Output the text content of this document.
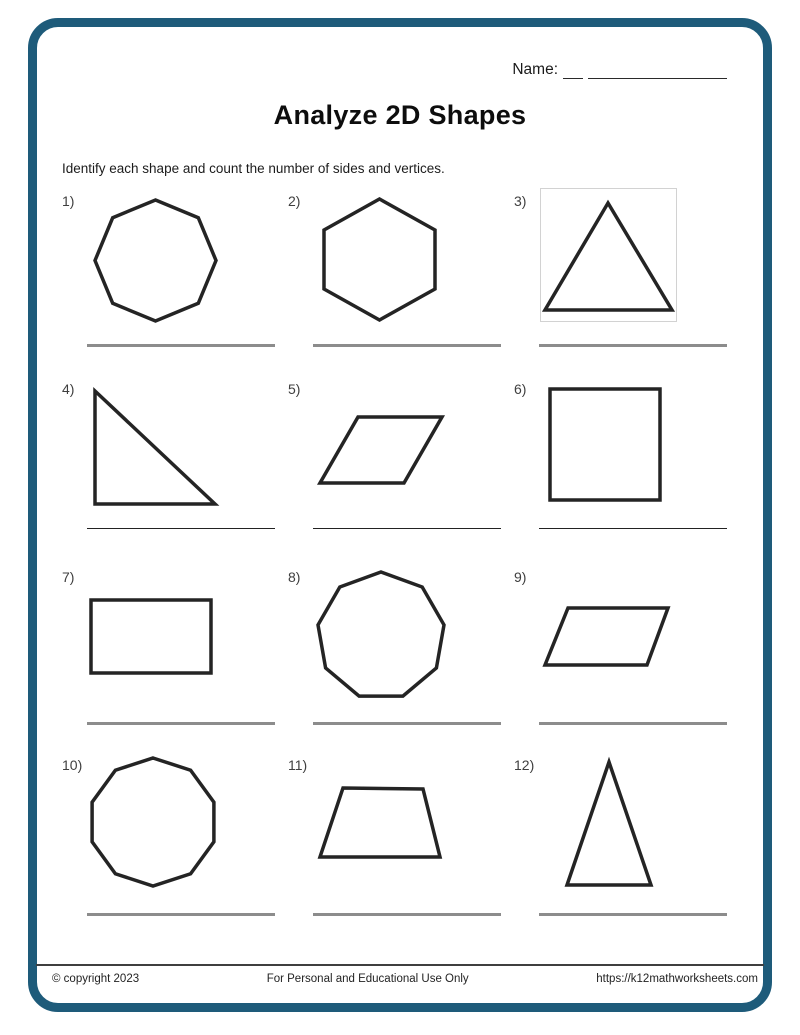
Name:
Analyze 2D Shapes
Identify each shape and count the number of sides and vertices.
1)	2)	3)
4)	5)	6)
7)	8)	9)
10)	11)	12)
© copyright 2023	For Personal and Educational Use Only	https://k12mathworksheets.com
